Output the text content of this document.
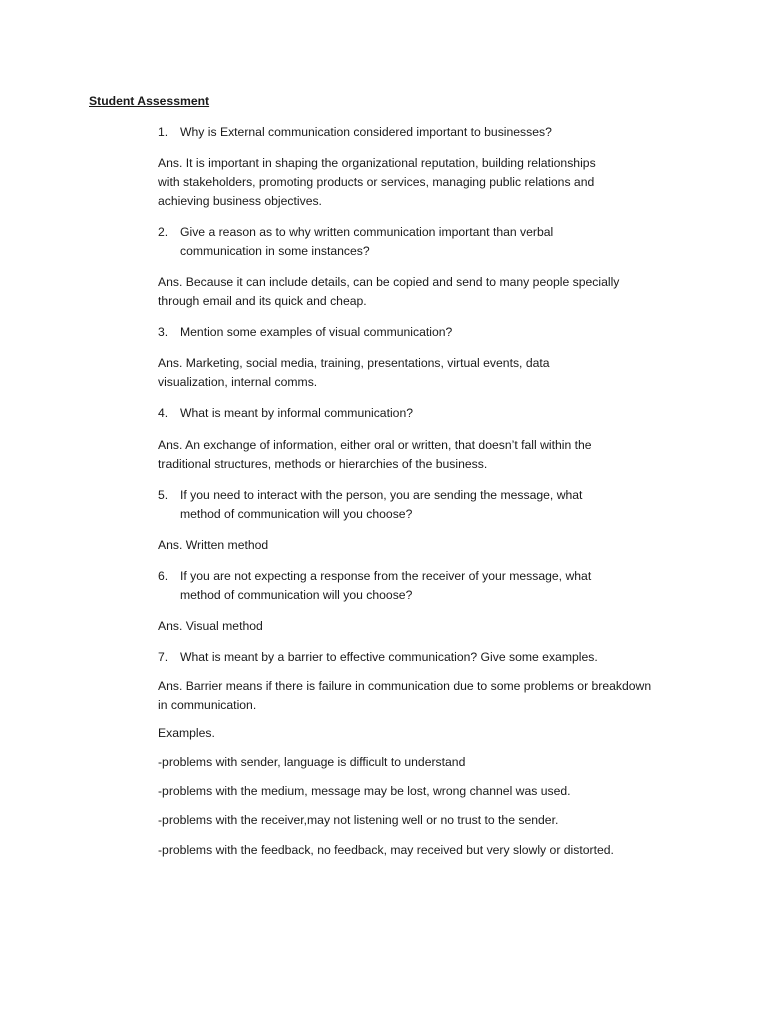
Student Assessment
1. Why is External communication considered important to businesses?
Ans. It is important in shaping the organizational reputation, building relationships
with stakeholders, promoting products or services, managing public relations and
achieving business objectives.
2. Give a reason as to why written communication important than verbal
communication in some instances?
Ans. Because it can include details, can be copied and send to many people specially
through email and its quick and cheap.
3. Mention some examples of visual communication?
Ans. Marketing, social media, training, presentations, virtual events, data
visualization, internal comms.
4. What is meant by informal communication?
Ans. An exchange of information, either oral or written, that doesn’t fall within the
traditional structures, methods or hierarchies of the business.
5. If you need to interact with the person, you are sending the message, what
method of communication will you choose?
Ans. Written method
6. If you are not expecting a response from the receiver of your message, what
method of communication will you choose?
Ans. Visual method
7. What is meant by a barrier to effective communication? Give some examples.
Ans. Barrier means if there is failure in communication due to some problems or breakdown
in communication.
Examples.
-problems with sender, language is difficult to understand
-problems with the medium, message may be lost, wrong channel was used.
-problems with the receiver,may not listening well or no trust to the sender.
-problems with the feedback, no feedback, may received but very slowly or distorted.
